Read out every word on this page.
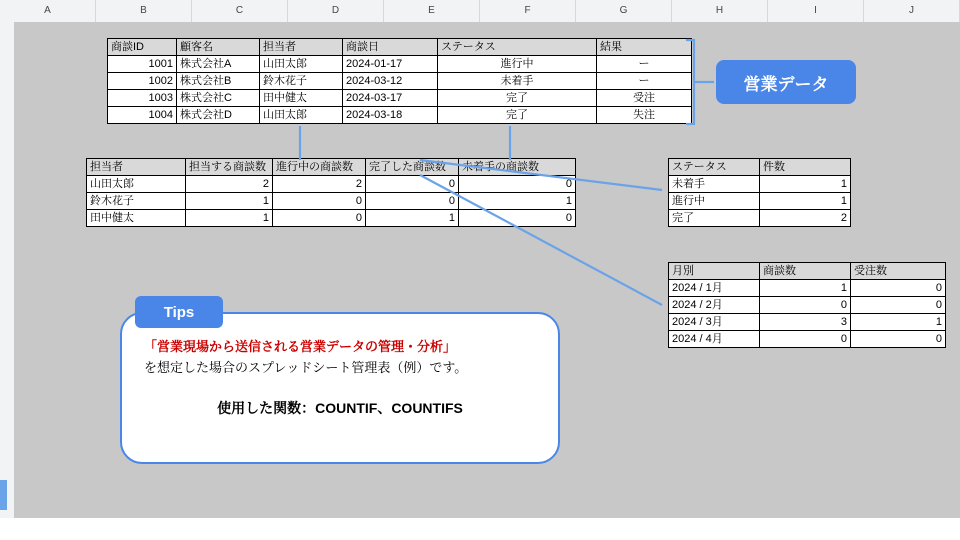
A	B	C	D	E	F	G	H	I	J
商談ID	顧客名	担当者	商談日	ステータス	結果
1001	株式会社A	山田太郎	2024-01-17	進行中	ー
1002	株式会社B	鈴木花子	2024-03-12	未着手	ー
1003	株式会社C	田中健太	2024-03-17	完了	受注
1004	株式会社D	山田太郎	2024-03-18	完了	失注
担当者	担当する商談数	進行中の商談数	完了した商談数	未着手の商談数
山田太郎	2	2	0	0
鈴木花子	1	0	0	1
田中健太	1	0	1	0
ステータス	件数
未着手	1
進行中	1
完了	2
月別	商談数	受注数
2024 / 1月	1	0
2024 / 2月	0	0
2024 / 3月	3	1
2024 / 4月	0	0
営業データ
Tips

「営業現場から送信される営業データの管理・分析」

を想定した場合のスプレッドシート管理表（例）です。

使用した関数：COUNTIF、COUNTIFS
